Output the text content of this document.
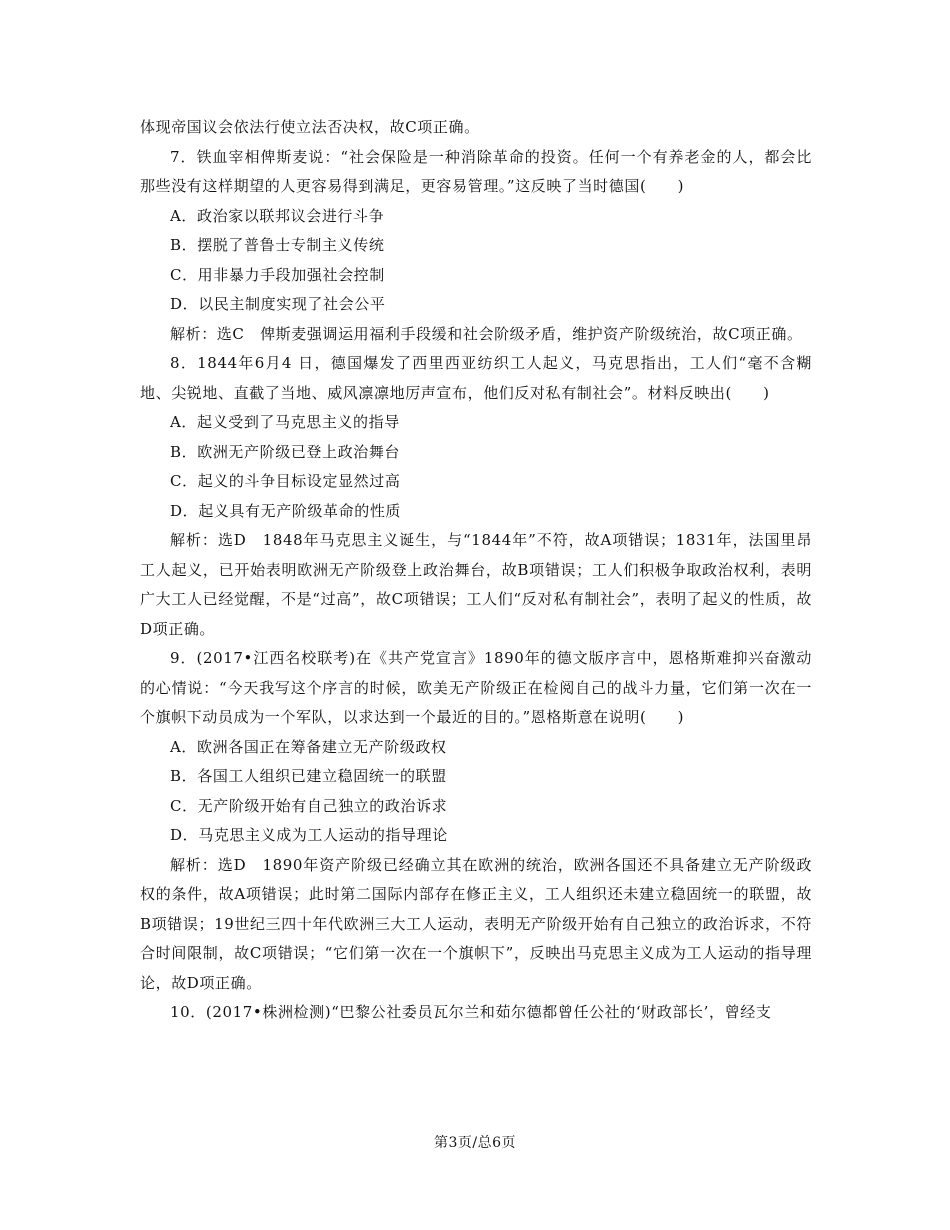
体现帝国议会依法行使立法否决权，故C项正确。

7．铁血宰相俾斯麦说：“社会保险是一种消除革命的投资。任何一个有养老金的人，都会比那些没有这样期望的人更容易得到满足，更容易管理。”这反映了当时德国(　　)

A．政治家以联邦议会进行斗争

B．摆脱了普鲁士专制主义传统

C．用非暴力手段加强社会控制

D．以民主制度实现了社会公平

解析：选C　俾斯麦强调运用福利手段缓和社会阶级矛盾，维护资产阶级统治，故C项正确。

8．1844年6月4 日，德国爆发了西里西亚纺织工人起义，马克思指出，工人们“毫不含糊地、尖锐地、直截了当地、威风凛凛地厉声宣布，他们反对私有制社会”。材料反映出(　　)

A．起义受到了马克思主义的指导

B．欧洲无产阶级已登上政治舞台

C．起义的斗争目标设定显然过高

D．起义具有无产阶级革命的性质

解析：选D　1848年马克思主义诞生，与“1844年”不符，故A项错误；1831年，法国里昂工人起义，已开始表明欧洲无产阶级登上政治舞台，故B项错误；工人们积极争取政治权利，表明广大工人已经觉醒，不是“过高”，故C项错误；工人们“反对私有制社会”，表明了起义的性质，故D项正确。

9．(2017•江西名校联考)在《共产党宣言》1890年的德文版序言中，恩格斯难抑兴奋激动的心情说：“今天我写这个序言的时候，欧美无产阶级正在检阅自己的战斗力量，它们第一次在一个旗帜下动员成为一个军队，以求达到一个最近的目的。”恩格斯意在说明(　　)

A．欧洲各国正在筹备建立无产阶级政权

B．各国工人组织已建立稳固统一的联盟

C．无产阶级开始有自己独立的政治诉求

D．马克思主义成为工人运动的指导理论

解析：选D　1890年资产阶级已经确立其在欧洲的统治，欧洲各国还不具备建立无产阶级政权的条件，故A项错误；此时第二国际内部存在修正主义，工人组织还未建立稳固统一的联盟，故B项错误；19世纪三四十年代欧洲三大工人运动，表明无产阶级开始有自己独立的政治诉求，不符合时间限制，故C项错误；“它们第一次在一个旗帜下”，反映出马克思主义成为工人运动的指导理论，故D项正确。

10．(2017•株洲检测)“巴黎公社委员瓦尔兰和茹尔德都曾任公社的‘财政部长’，曾经支

第3页/总6页
